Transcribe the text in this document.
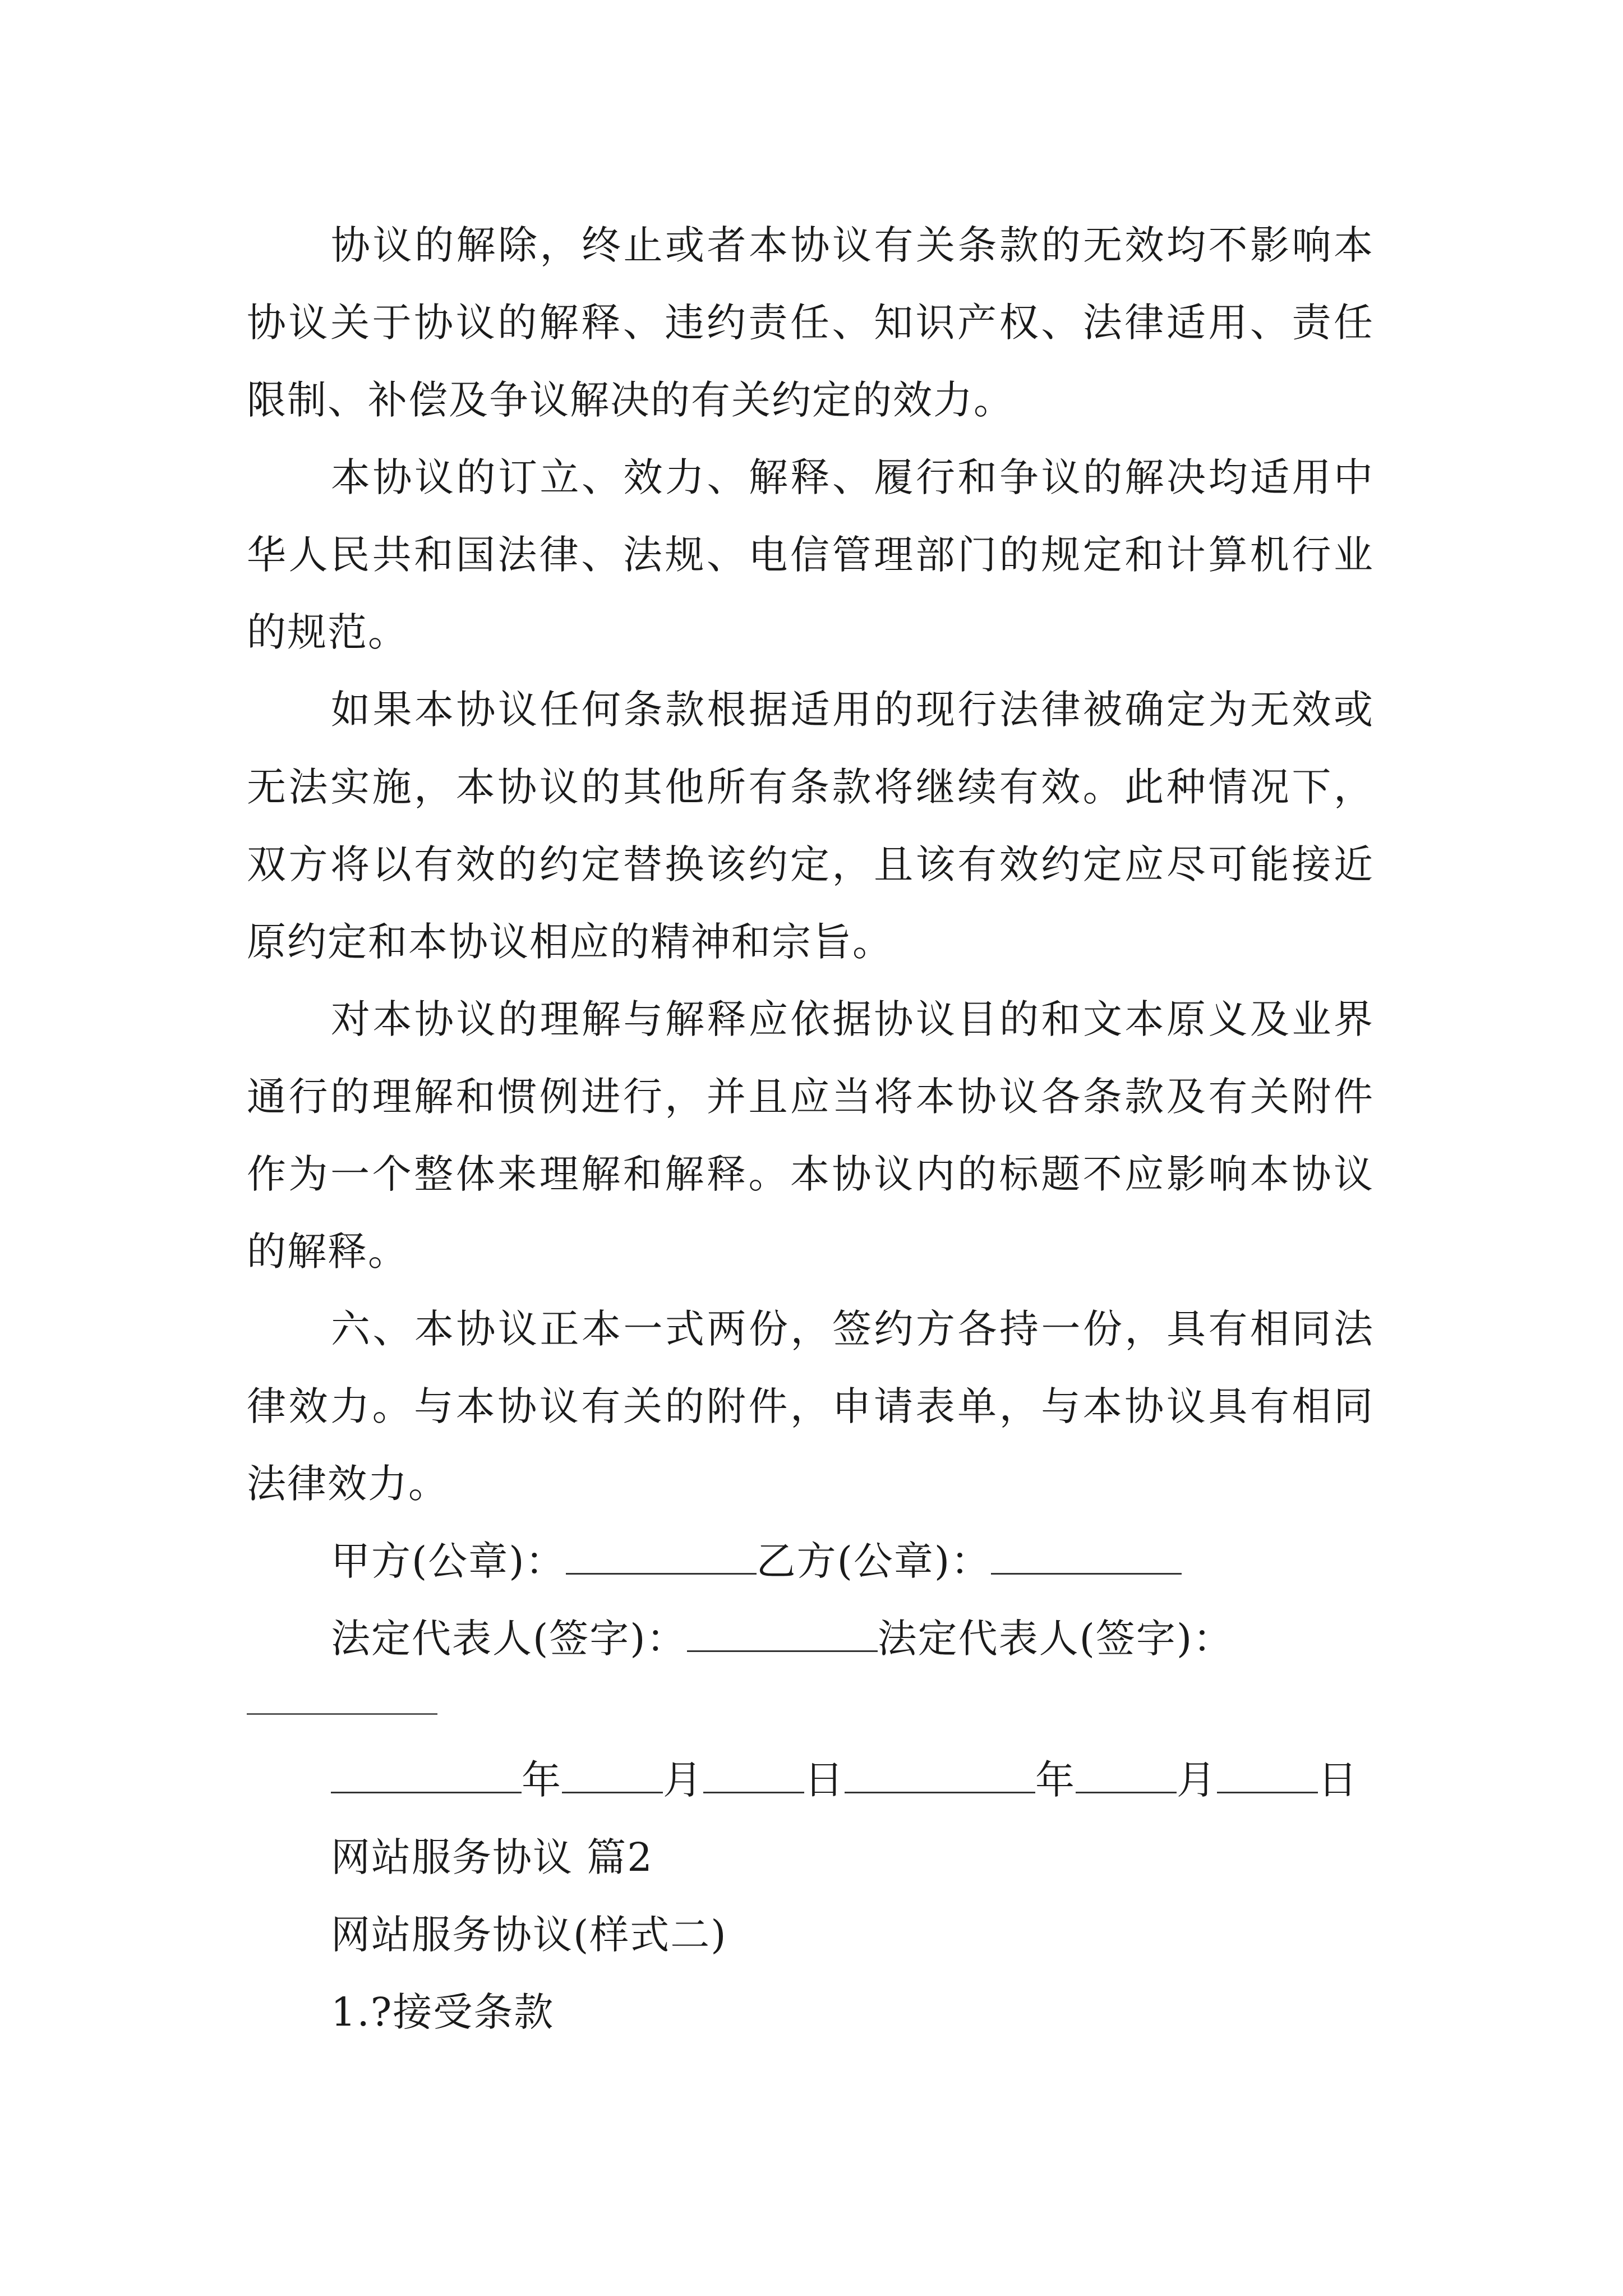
协议的解除，终止或者本协议有关条款的无效均不影响本协议关于协议的解释、违约责任、知识产权、法律适用、责任限制、补偿及争议解决的有关约定的效力。

本协议的订立、效力、解释、履行和争议的解决均适用中华人民共和国法律、法规、电信管理部门的规定和计算机行业的规范。

如果本协议任何条款根据适用的现行法律被确定为无效或无法实施，本协议的其他所有条款将继续有效。此种情况下，双方将以有效的约定替换该约定，且该有效约定应尽可能接近原约定和本协议相应的精神和宗旨。

对本协议的理解与解释应依据协议目的和文本原义及业界通行的理解和惯例进行，并且应当将本协议各条款及有关附件作为一个整体来理解和解释。本协议内的标题不应影响本协议的解释。

六、本协议正本一式两份，签约方各持一份，具有相同法律效力。与本协议有关的附件，申请表单，与本协议具有相同法律效力。

甲方(公章)：	乙方(公章)：
法定代表人(签字)：	法定代表人(签字)：
年	月	日	年	月	日
网站服务协议 篇2
网站服务协议(样式二)
1.?接受条款
